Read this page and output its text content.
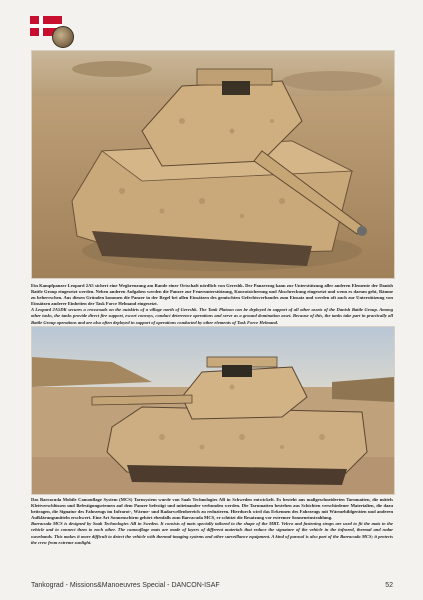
Ein Kampfpanzer Leopard 2A5 sichert eine Wegkreuzung am Rande einer Ortschaft nördlich von Gereshk. Der Panzerzug kann zur Unterstützung aller anderen Elemente der Danish Battle Group eingesetzt werden. Neben anderen Aufgaben werden die Panzer zur Feuerunterstützung, Konvoisicherung und Abschreckung eingesetzt und wenn es darum geht, Räume zu beherrschen. Aus diesen Gründen kommen die Panzer in der Regel bei allen Einsätzen des gemischten Gefechtsverbandes zum Einsatz und werden oft auch zur Unterstützung von Einsätzen anderer Einheiten der Task Force Helmand eingesetzt.
A Leopard 2A5DK secures a crossroads on the outskirts of a village north of Gereshk. The Tank Platoon can be deployed in support of all other assets of the Danish Battle Group. Among other tasks, the tanks provide direct fire support, escort convoys, conduct deterrence operations and serve as a ground domination asset. Because of this, the tanks take part in practically all Battle Group operations and are also often deployed in support of operations conducted by other elements of Task Force Helmand.
Das Barracuda Mobile Camouflage System (MCS) Tarnsystem wurde von Saab Technologies AB in Schweden entwickelt. Es besteht aus maßgeschneiderten Tarnmatten, die mittels Klettverschlüssen und Befestigungsriemen auf dem Panzer befestigt und miteinander verbunden werden. Die Tarnmatten bestehen aus Schichten verschiedener Materialien, die dazu beitragen, die Signatur des Fahrzeugs im Infrarot-, Wärme- und Radarwellenbereich zu reduzieren. Hierdurch wird das Erkennen des Fahrzeugs mit Wärmebildgeräten und anderen Aufklärungsmitteln erschwert. Eine Art Sonnenschirm gehört ebenfalls zum Barracuda MCS, er schützt die Besatzung vor extremer Sonneneinstrahlung.
Barracuda MCS is designed by Saab Technologies AB in Sweden. It consists of mats specially tailored to the shape of the MBT. Velcro and fastening straps are used to fit the mats to the vehicle and to connect them to each other. The camouflage mats are made of layers of different materials that reduce the signature of the vehicle in the infrared, thermal and radar wavebands. This makes it more difficult to detect the vehicle with thermal-imaging systems and other surveillance equipment. A kind of parasol is also part of the Barracuda MCS; it protects the crew from extreme sunlight.
Tankograd - Missions&Manoeuvres Special - DANCON-ISAF	52
